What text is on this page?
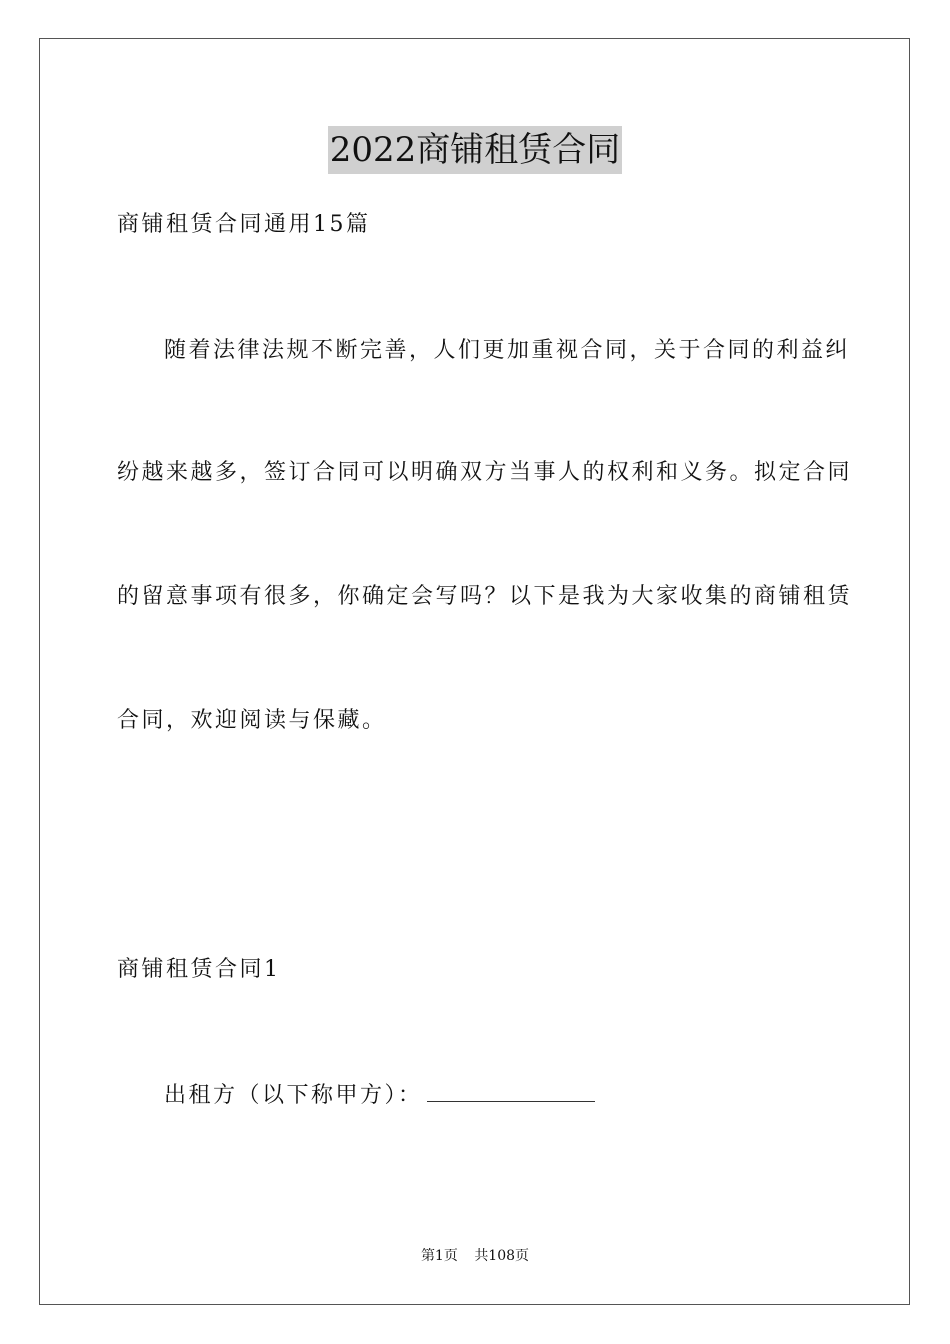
2022商铺租赁合同
商铺租赁合同通用15篇
随着法律法规不断完善，人们更加重视合同，关于合同的利益纠
纷越来越多，签订合同可以明确双方当事人的权利和义务。拟定合同
的留意事项有很多，你确定会写吗？以下是我为大家收集的商铺租赁
合同，欢迎阅读与保藏。
商铺租赁合同1
出租方（以下称甲方）：
第1页 共108页
